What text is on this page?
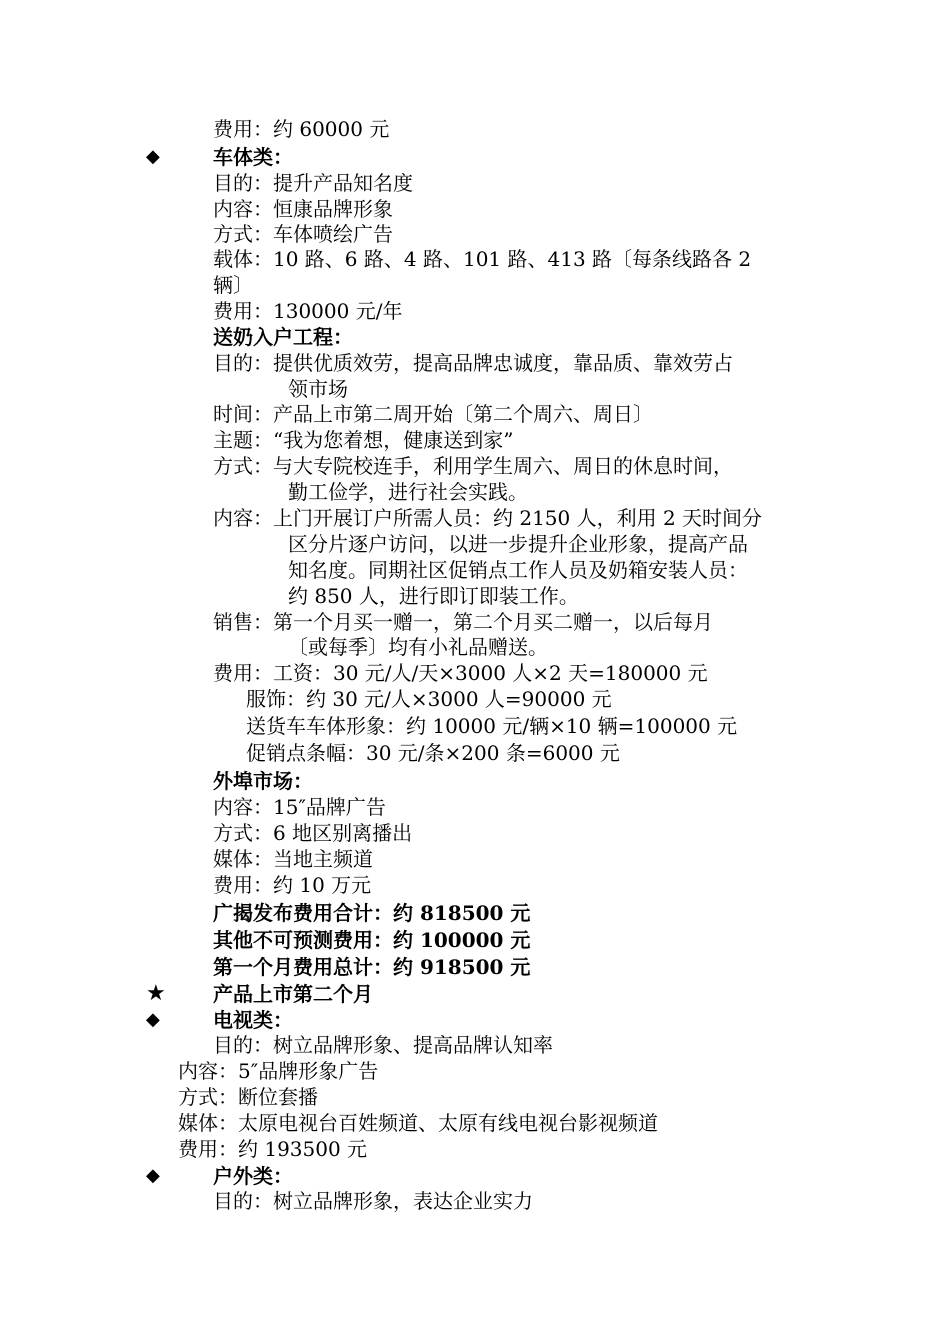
费用：约 60000 元
◆	车体类：
目的：提升产品知名度
内容：恒康品牌形象
方式：车体喷绘广告
载体：10 路、6 路、4 路、101 路、413 路〔每条线路各 2
辆〕
费用：130000 元/年
送奶入户工程：
目的：提供优质效劳，提高品牌忠诚度，靠品质、靠效劳占
领市场
时间：产品上市第二周开始〔第二个周六、周日〕
主题：“我为您着想，健康送到家”
方式：与大专院校连手，利用学生周六、周日的休息时间，
勤工俭学，进行社会实践。
内容：上门开展订户所需人员：约 2150 人，利用 2 天时间分
区分片逐户访问，以进一步提升企业形象，提高产品
知名度。同期社区促销点工作人员及奶箱安装人员：
约 850 人，进行即订即装工作。
销售：第一个月买一赠一，第二个月买二赠一，以后每月
〔或每季〕均有小礼品赠送。
费用：工资：30 元/人/天×3000 人×2 天=180000 元
服饰：约 30 元/人×3000 人=90000 元
送货车车体形象：约 10000 元/辆×10 辆=100000 元
促销点条幅：30 元/条×200 条=6000 元
外埠市场：
内容：15″品牌广告
方式：6 地区别离播出
媒体：当地主频道
费用：约 10 万元
广揭发布费用合计：约 818500 元
其他不可预测费用：约 100000 元
第一个月费用总计：约 918500 元
★ 产品上市第二个月
◆	电视类：
目的：树立品牌形象、提高品牌认知率
内容：5″品牌形象广告
方式：断位套播
媒体：太原电视台百姓频道、太原有线电视台影视频道
费用：约 193500 元
◆	户外类：
目的：树立品牌形象，表达企业实力
